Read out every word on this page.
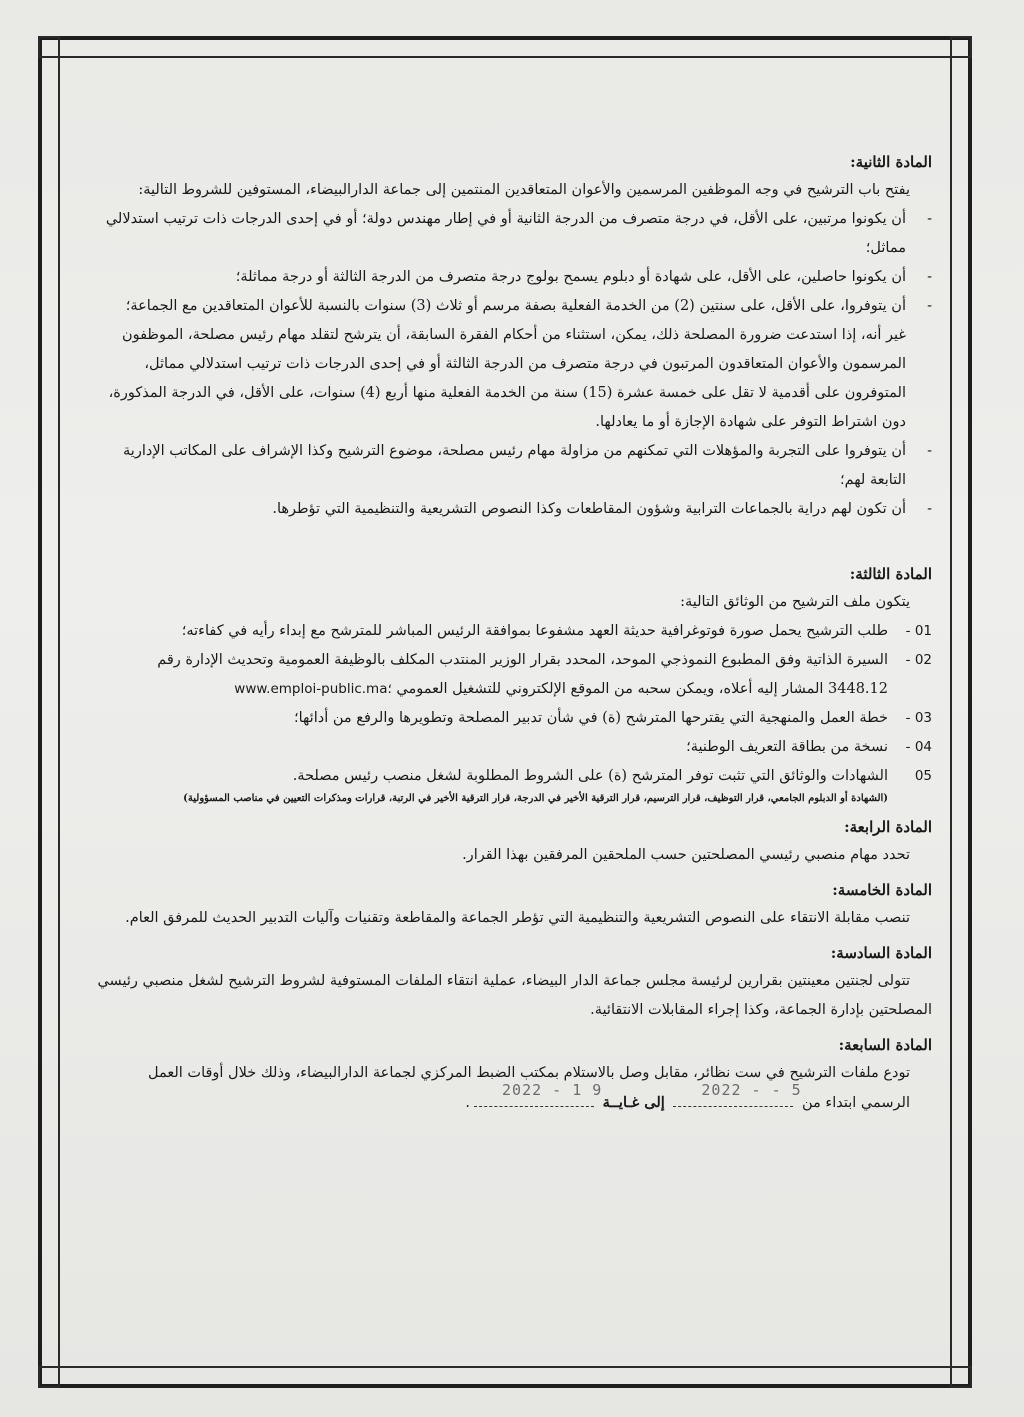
المادة الثانية:

يفتح باب الترشيح في وجه الموظفين المرسمين والأعوان المتعاقدين المنتمين إلى جماعة الدارالبيضاء، المستوفين للشروط التالية:

-
أن يكونوا مرتبين، على الأقل، في درجة متصرف من الدرجة الثانية أو في إطار مهندس دولة؛ أو في إحدى الدرجات ذات ترتيب استدلالي مماثل؛

-
أن يكونوا حاصلين، على الأقل، على شهادة أو دبلوم يسمح بولوج درجة متصرف من الدرجة الثالثة أو درجة مماثلة؛

-
أن يتوفروا، على الأقل، على سنتين (2) من الخدمة الفعلية بصفة مرسم أو ثلاث (3) سنوات بالنسبة للأعوان المتعاقدين مع الجماعة؛

غير أنه، إذا استدعت ضرورة المصلحة ذلك، يمكن، استثناء من أحكام الفقرة السابقة، أن يترشح لتقلد مهام رئيس مصلحة، الموظفون المرسمون والأعوان المتعاقدون المرتبون في درجة متصرف من الدرجة الثالثة أو في إحدى الدرجات ذات ترتيب استدلالي مماثل، المتوفرون على أقدمية لا تقل على خمسة عشرة (15) سنة من الخدمة الفعلية منها أربع (4) سنوات، على الأقل، في الدرجة المذكورة، دون اشتراط التوفر على شهادة الإجازة أو ما يعادلها.

-
أن يتوفروا على التجربة والمؤهلات التي تمكنهم من مزاولة مهام رئيس مصلحة، موضوع الترشيح وكذا الإشراف على المكاتب الإدارية التابعة لهم؛

-
أن تكون لهم دراية بالجماعات الترابية وشؤون المقاطعات وكذا النصوص التشريعية والتنظيمية التي تؤطرها.

المادة الثالثة:

يتكون ملف الترشيح من الوثائق التالية:

01 -
طلب الترشيح يحمل صورة فوتوغرافية حديثة العهد مشفوعا بموافقة الرئيس المباشر للمترشح مع إبداء رأيه في كفاءته؛

02 -
السيرة الذاتية وفق المطبوع النموذجي الموحد، المحدد بقرار الوزير المنتدب المكلف بالوظيفة العمومية وتحديث الإدارة رقم 3448.12 المشار إليه أعلاه، ويمكن سحبه من الموقع الإلكتروني للتشغيل العمومي www.emploi-public.ma؛

03 -
خطة العمل والمنهجية التي يقترحها المترشح (ة) في شأن تدبير المصلحة وتطويرها والرفع من أدائها؛

04 -
نسخة من بطاقة التعريف الوطنية؛

05
الشهادات والوثائق التي تثبت توفر المترشح (ة) على الشروط المطلوبة لشغل منصب رئيس مصلحة.

(الشهادة أو الدبلوم الجامعي، قرار التوظيف، قرار الترسيم، قرار الترقية الأخير في الدرجة، قرار الترقية الأخير في الرتبة، قرارات ومذكرات التعيين في مناصب المسؤولية)

المادة الرابعة:

تحدد مهام منصبي رئيسي المصلحتين حسب الملحقين المرفقين بهذا القرار.

المادة الخامسة:

تنصب مقابلة الانتقاء على النصوص التشريعية والتنظيمية التي تؤطر الجماعة والمقاطعة وتقنيات وآليات التدبير الحديث للمرفق العام.

المادة السادسة:

تتولى لجنتين معينتين بقرارين لرئيسة مجلس جماعة الدار البيضاء، عملية انتقاء الملفات المستوفية لشروط الترشيح لشغل منصبي رئيسي المصلحتين بإدارة الجماعة، وكذا إجراء المقابلات الانتقائية.

المادة السابعة:

تودع ملفات الترشيح في ست نظائر، مقابل وصل بالاستلام بمكتب الضبط المركزي لجماعة الدارالبيضاء، وذلك خلال أوقات العمل

الرسمي ابتداء من
2022 - - 5
إلى غـايــة
2022 - 1 9
.
